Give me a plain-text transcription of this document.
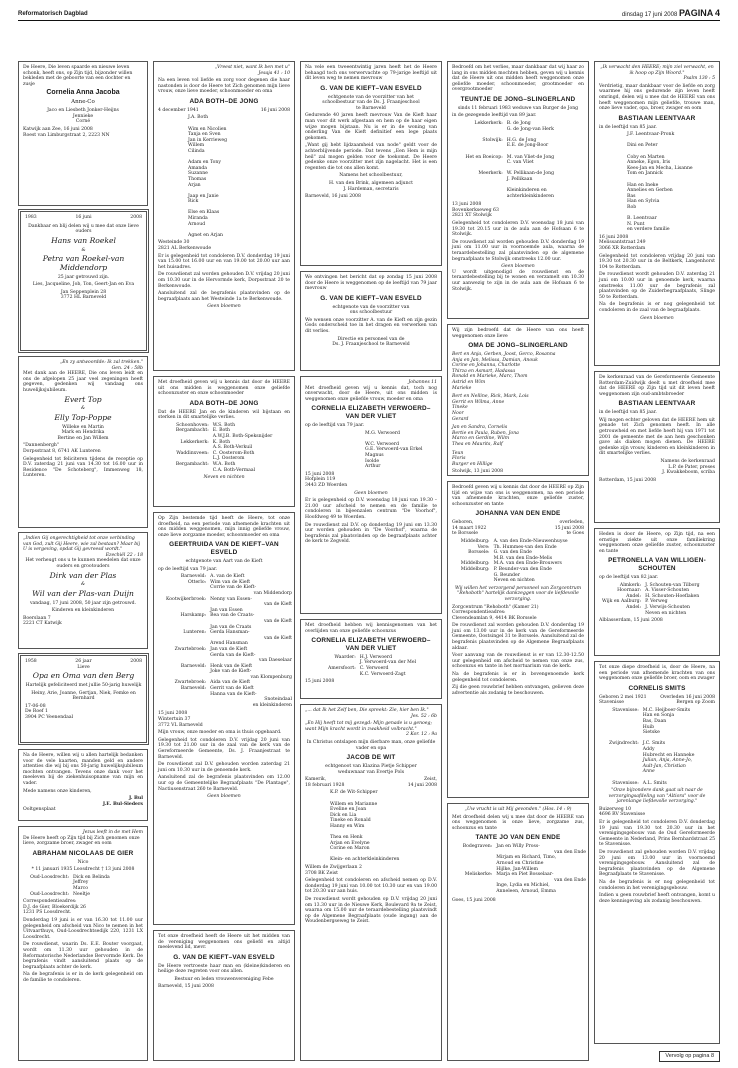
Reformatorisch Dagblad	dinsdag 17 juni 2008 PAGINA 4

De Heere, Die leven spaarde en nieuwe leven schonk, heeft ons, op Zijn tijd, bijzonder willen bekleden met de geboorte van een dochter en zusje

Cornelia Anna Jacoba
Anne-Co
Jaco en Liesbeth Jonker-Heijns
Jennieke
Corné
Katwijk aan Zee, 16 juni 2008
Roest van Limburgstraat 2, 2223 NN
1983	16 juni	2008

Dankbaar en blij delen wij u mee dat onze lieve ouders

Hans van Roekel
&
Petra van Roekel-van Middendorp

25 jaar getrouwd zijn.

Lies, Jacqueline, Job, Ton, Geert-Jan en Eva

Jan Seppenplein 28
3772 HL Barneveld
„En zy antwoordde: Ik zal trekken."
Gen. 24 : 58b

Met dank aan de HEERE, Die ons leven leidt en ons de afgelopen 25 jaar veel zegeningen heeft gegeven, gedenken wij vandaag ons huwelijksjubileum.

Evert Top
&
Elly Top-Poppe
Willeke en Martin
Mark en Hendrika
Bertine en Jan Willem
"Dannenbergh"

Dorpsstraat 8, 6741 AK Lunteren

Gelegenheid tot feliciteren tijdens de receptie op D.V. zaterdag 21 juni van 14.30 tot 16.00 uur in Residence "De Schoteberg", Immenweg 18, Lunteren.

„Indien Gij ongerechtigheid tot onze verbinding van God, zult Gij Heere, wie zal bestaan? Maar bij U is vergeving, opdat Gij gevreesd wordt."
Ezechiël 22 : 18

Het verheugt ons u te kunnen meedelen dat onze ouders en grootouders

Dirk van der Plas
&
Wil van der Plas-van Duijn

vandaag, 17 juni 2008, 50 jaar zijn getrouwd.

Kinderen en kleinkinderen

Boerslaan 7
2221 CT Katwijk
1958	26 jaar	2008
Lieve
Opa en Oma van den Berg

Hartelijk gefeliciteerd met jullie 50-jarig huwelijk

Heiny, Arie, Joanne, Gertjan, Niek, Femke en Bernhard

17-06-08
De Roef 1
3904 PC Veenendaal

Na de Heere, willen wij u allen hartelijk bedanken voor de vele kaarten, manden geld en andere attenties die wij bij ons 50-jarig huwelijksjubileum mochten ontvangen. Tevens onze dank voor het meeleven bij de ziekenhuisopname van mijn en vader.

Mede namens onze kinderen,

J. Bul
J.E. Bul-Sieders
Ooltgensplaat
Jezus leeft in de met Hem

De Heere heeft op Zijn tijd bij Zich genomen onze lieve, zorgzame broer, zwager en oom

ABRAHAM NICOLAAS DE GIER
Nico
* 11 januari 1935 Loosdrecht † 13 juni 2008
Oud-Loosdrecht: Dick en Belinda
Jeffrey
Marco
Oud-Loosdrecht: Neeltje
Correspondentieadres:
D.J. de Gier, Bloekerdijk 26
1231 PS Loosdrecht.

Donderdag 19 juni is er van 16.30 tot 11.00 uur gelegenheid om afscheid van Nico te nemen in het Uitvaarthuys, Oud-Loosdrechtsedijk 220, 1231 LX Loosdrecht.

De rouwdienst, waarin Ds. E.E. Bouter voorgaat, wordt om 11.30 uur gehouden in de Reformatorische Nederlandse Bervormde Kerk. De begrafenis vindt aansluitend plaats op de begraafplaats achter de kerk.

Na de begrafenis is er in de kerk gelegenheid om de familie te condoleren.

„Vreest niet, want Ik ben met u"
Jesaja 41 : 10

Na een leven vol liefde en zorg voor degenen die haar nastonden is door de Heere tot Zich genomen mijn lieve vrouw, onze lieve moeder, schoonmoeder en oma

ADA BOTH–DE JONG
4 december 1941	16 juni 2008
J.A. Both

Wim en Nicolien
Tanja en Sven
Jan in Kerrieweg
Willem
Cilinda

Adam en Tony
Amanda
Suzanne
Thomas
Arjan

Jaap en Janie
Rick

Else en Klaas
Miranda
Arnoud

Agnet en Arjan
Westeinde 30
2821 AL Berkenwoude

Er is gelegenheid tot condoleren D.V. donderdag 19 juni van 15.00 tot 16.00 uur en van 19.00 tot 20.00 uur aan het huisadres.

De rouwdienst zal worden gehouden D.V. vrijdag 20 juni om 10.30 uur in de Hervormde kerk, Dorpsstraat 20 te Berkenwoude.

Aansluitend zal de begrafenis plaatsvinden op de begraafplaats aan het Westeinde 1a te Berkenwoude.

Geen bloemen

Met droefheid geven wij u kennis dat door de HEERE uit ons midden is weggenomen onze geliefde schoonzuster en onze schoonmoeder

ADA BOTH–DE JONG

Dat de HEERE Jan en de kinderen wil bijstaan en sterken in dit smartelijke verlies.

Schoonhoven: W.S. Both
Bergambacht: E. Both
A.W.J.B. Both-Speksnijder
Lekkerkerk: K. Both
A.S. Both-Verkuil
Waddinxveen: C. Oosterom-Both
L.J. Oosterom
Bergambacht: W.A. Both
C.A. Both-Vermaal
Neven en nichten

Op Zijn bestemde tijd heeft de Heere, tot onze droefheid, na een periode van afnemende krachten uit ons midden weggenomen, mijn innig geliefde vrouw, onze lieve zorgzame moeder, schoonmoeder en oma

GEERTRUIDA VAN DE KIEFT–VAN ESVELD
echtgenote van Aart van de Kieft

op de leeftijd van 79 jaar.

Barneveld: A. van de Kieft
Otterlo: Wim van de Kieft
Corrie van de Kieft-
van Middendorp
Kootwijkerbroek: Nenny van Essen-
van de Kieft
Jan van Essen
Harskamp: Bea van de Craats-
van de Kieft
Jan van de Craats
Lunteren: Gerda Hansman-
van de Kieft
Arend Hansman
Zwartebroek: Jan van de Kieft
Gerda van de Kieft-
van Daeselaar
Barneveld: Henk van de Kieft
Joke van de Kieft-
van Klompenburg
Zwartebroek: Aida van de Kieft
Barneveld: Gerrit van de Kieft
Hanna van de Kieft-
Snoteindaal
en kleinkinderen
15 juni 2008
Wintertuin 37
3772 VL Barneveld

Mijn vrouw, onze moeder en oma is thuis opgebaard.

Gelegenheid tot condoleren D.V. vrijdag 20 juni van 19.30 tot 21.00 uur in de zaal van de kerk van de Gereformeerde Gemeente, Ds. J. Fraanjestraat te Barneveld.

De rouwdienst zal D.V. gehouden worden zaterdag 21 juni om 10.30 uur in de genoemde kerk.

Aansluitend zal de begrafenis plaatsvinden om 12.00 uur op de Gemeentelijke Begraafplaats "De Plantage", Nactiusenstraat 260 te Barneveld.

Geen bloemen

Tot onze droefheid heeft de Heere uit het midden van de vereniging weggenomen ons geliefd en altijd meelevend lid, mevr.

G. VAN DE KIEFT–VAN ESVELD

De Heere vertroeste haar man en (kleine)kinderen en heilige deze regreten voor ons allen.

Bestuur en leden vrouwenvereniging Febe

Barneveld, 15 juni 2008

Na vele een tweeentwintig jaren heeft het de Heere behaagd toch ons verwervachte op 79-jarige leeftijd uit dit leven weg te nemen mevrouw

G. VAN DE KIEFT–VAN ESVELD
echtgenote van de voorzitter van het
schoolbestuur van de Ds. J. Fraanjeschool
te Barneveld

Gedurende 40 jaren heeft mevrouw Van de Kieft haar man voor dit werk afgestaan en hem op de haar eigen wijze mogen bijstaan. Nu is er in de woning van onderling Van de Kieft definitief een lege plaats gekomen.

„Want gij hebt lijdzaamheid van node" geldt voor de achterblijvende periode. Dat tevens „Een Hem is mijn heil" zal mogen gelden voor de toekomst. De Heere gedenke onze voorzitter met zijn nagelacht. Het is een regenten die tot ons allen komt.

Namens het schoolbestuur,

H. van den Brink, algemeen adjunct
J. Hardeman, secretaris
Barneveld, 16 juni 2008

We ontvingen het bericht dat op zondag 15 juni 2008 door de Heere is weggenomen op de leeftijd van 79 jaar mevrouw

G. VAN DE KIEFT–VAN ESVELD
echtgenote van de voorzitter van
ons schoolbestuur

We wensen onze voorzitter A. van de Kieft en zijn gezin Gods onderscheid toe in het dragen en verwerken van dit verlies.

Directie en personeel van de
Ds. J. Fraanjeschool te Barneveld
Johannes 11

Met droefheid geven wij u kennis dat, toch nog onverwacht, door de Heere, uit ons midden is weggenomen onze geliefde vrouw, moeder en oma

CORNELIA ELIZABETH VERWOERD–VAN DER VLIET

op de leeftijd van 79 jaar.

M.G. Verwoerd

W.C. Verwoerd
G.E. Verwoerd-van Erkel
Magnus
Isolde
Arthur
15 juni 2008
Hofplein 119
3443 ZD Woerden
Geen bloemen

Er is gelegenheid op D.V. woensdag 18 juni van 19.30 – 21.00 uur afscheid te nemen en de familie te condoleren in bijeenzalen centrum "De Voorhof", Hoofdweg 49 te Woerden.

De rouwdienst zal D.V. op donderdag 19 juni om 13.30 uur worden gehouden in "De Voorhof", waarna de begrafenis zal plaatsvinden op de begraafplaats achter de kerk te Zegveld.

Met droefheid hebben wij kennisgenomen van het overlijden van onze geliefde schoonzus

CORNELIA ELIZABETH VERWOERD–VAN DER VLIET
Waarder: H.J. Verwoerd
J. Verwoerd-van der Mel
Amersfoort: C. Verwoerd
K.C. Verwoerd-Zagt
15 juni 2008
„... dat Ik het Zelf ben, Die spreekt: Zie, hier ben Ik."
Jes. 52 : 6b
„En Hij heeft tot mij gezegd: Mijn genade is u genoeg; want Mijn kracht wordt in zwakheid volbracht."
2 Kor. 12 : 9a

In Christus ontslapen mijn dierbare man, onze geliefde vader en opa

JACOB DE WIT
echtgenoot van Klazina Pietje Schipper
weduwnaar van Evertje Pols
Kamerik,	Zeist,
18 februari 1928	14 juni 2008
K.P. de Wit-Schipper

Willem en Marianne
Eveline en Joan
Dick en Lia
Tineke en Ronald
Hanny en Wim

Thea en Henk
Arjan en Evelyne
Corine en Maron

Klein- en achterkleinkinderen
Willem de Zwijgerlaan 2
3708 BK Zeist

Gelegenheid tot condoleren en afscheid nemen op D.V. donderdag 19 juni van 10.00 tot 10.30 uur en van 19.00 tot 20.30 uur aan huis.

De rouwdienst wordt gehouden op D.V. vrijdag 20 juni om 13.30 uur in de Nieuwe Kerk, Boulevard 9a te Zeist, waarna om 15.00 uur de teraardebestelling plaatsvindt op de Algemene Begraafplaats (oude ingang) aan de Woudenbergseweg te Zeist.

Bedroefd om het verlies, maar dankbaar dat wij haar zo lang in ons midden mochten hebben, geven wij u kennis dat de Heere uit ons midden heeft weggenomen onze geliefde moeder, schoonmoeder, grootmoeder en overgrootmoeder

TEUNTJE DE JONG–SLINGERLAND
sinds 11 februari 1983 weduwe van Burger de Jong

in de gezegende leeftijd van 89 jaar.

Lekkerkerk: B. de Jong
G. de Jong-van Herk

Stolwijk: H.G. de Jong
E.E. de Jong-Boor

Het en Boeicop: M. van Vliet-de Jong
C. van Vliet

Meerkerk: W. Pellikaan-de Jong
J. Pellikaan

Kleinkinderen en
achterkleinkinderen
13 juni 2008
Bovenkerkseweg 63
2821 XT Stolwijk

Gelegenheid tot condoleren D.V. woensdag 18 juni van 19.30 tot 20.15 uur in de aula aan de Hofsaan 6 te Stolwijk.

De rouwdienst zal worden gehouden D.V. donderdag 19 juni om 11.00 uur in voornoemde aula, waarna de teraardebestelling zal plaatsvinden op de algemene begraafplaats te Stolwijk omstreeks 12.00 uur.

Geen bloemen

U wordt uitgenodigd de rouwdienst en de teraardebestelling bij te wonen en verzamelt om 10.30 uur aanwezig te zijn in de aula aan de Hofsaan 6 te Stolwijk.

Wij zijn bedroefd dat de Heere van ons heeft weggenomen onze lieve

OMA DE JONG–SLINGERLAND
Bert en Anja, Gerben, Joost, Gerco, Rosanna
Anja en Jan, Melissa, Damian, Anouk
Corine en Johanna, Charlotte
Thirza en Asmart, Hadassa
Ronald en Marieke, Marc, Thom
Astrid en Wim
Marieke
Bert en Nelline, Rick, Mark, Lois
Gerrit en Wilma, Anne
Tineke
Noor
Gerard
Jan en Sandra, Cornelis
Bertie en Paula, Ruben, Jona
Marco en Gerdine, Wilm
Thea en Maurits, Ralf
Teun
Floris
Burger en Hillige
Stolwijk, 13 juni 2008

Bedroefd geven wij u kennis dat door de HEERE op Zijn tijd en wijze van ons is weggenomen, na een periode van afnemende krachten, onze geliefde zuster, schoonzuster en tante

JOHANNA VAN DEN ENDE
Geboren,	overleden,
14 maart 1922	15 juni 2008
te Borssele	te Goes
Middelburg: A. van den Ende-Nieuwenhuyse
Vere: Th. Hummes-van den Ende
Borssele: G. van den Ende
M.B. van den Ende-Melis
Middelburg: M.A. van den Ende-Brouwers
Middelburg: P. Beunder-van den Ende
G. Beunder
Neven en nichten

Wij willen het verzorgend personeel van Zorgcentrum "Rehoboth" hartelijk dankzeggen voor de liefdevolle verzorging.

Zorgcentrum "Rehoboth" (Kamer 21)
Correspondentieadres:
Clevendeamlan 9, 4414 BK Borssele

De rouwdienst zal worden gehouden D.V. donderdag 19 juni om 13.00 uur in de kerk van de Gereformeerde Gemeente, Oostsingel 31 te Borssele. Aansluitend zal de begrafenis plaatsvinden op de Algemene Begraafplaats aldaar.

Voor aanvang van de rouwdienst is er van 12.30-12.50 uur gelegenheid om afscheid te nemen van onze zus, schoonzus en tante in het mortuarium van de kerk.

Na de begrafenis is er in bovengenoemde kerk gelegenheid tot condoleren.

Zij die geen rouwbrief hebben ontvangen, gelieven deze advertentie als zodanig te beschouwen.

„Uw vrucht is uit Mij gevonden." (Hos. 14 : 9)

Met droefheid delen wij u mee dat door de HEERE van ons weggenomen is onze lieve, zorgzame zus, schoonzus en tante

TANTE JO VAN DEN ENDE
Bodegraven: Jan en Willy Pross-
van den Ende
Mirjam en Richard, Timo,
Arnoud en Christine
Hijlke, Jan-Willem
Meliskerke: Marja en Piet Bosselaar-
van den Ende
Inge, Lydia en Michiel,
Anneleen, Arnoud, Emma
Goes, 15 juni 2008
„Ik verwacht den HEERE; mijn ziel verwacht, en ik hoop op Zijn Woord."
Psalm 130 : 5

Verdrietig, maar dankbaar voor de liefde en zorg waarmee hij ons gedurende zijn leven heeft omringd, delen wij u mee dat de HEERE van ons heeft weggenomen mijn geliefde, trouwe man, onze lieve vader, opa, broer, zwager en oom

BASTIAAN LEENTVAAR

in de leeftijd van 85 jaar.

J.F. Leentvaar-Pronk

Dini en Peter

Coby en Marten
Anneke, Egon, Iris
Kees-Jan en Mecha, Lisanne
Tom en Jannick

Han en Ineke
Annelies en Gerben
Bas
Han en Sylvia
Rob

B. Leentvaar
N. Punt
en verdere familie
16 juni 2008
Melissantstraat 249
3066 XR Rotterdam

Gelegenheid tot condoleren vrijdag 20 juni van 19.30 tot 20.30 uur in de Beltkerk, Langenhorst 104 te Rotterdam.

De rouwdienst wordt gehouden D.V. zaterdag 21 juni om 10.00 uur in genoemde kerk, waarna omstreeks 11.00 uur de begrafenis zal plaatsvinden op de Zuiderbegraafplaats, Slinge 50 te Rotterdam.

Na de begrafenis is er nog gelegenheid tot condoleren in de zaal van de begraafplaats.

Geen bloemen

De kerkenraad van de Gereformeerde Gemeente Rotterdam-Zuidwijk deelt u met droefheid mee dat de HEERE op Zijn tijd uit dit leven heeft weggenomen zijn oud-ambtsbroeder

BASTIAAN LEENTVAAR

in de leeftijd van 85 jaar.

Wij mogen echter geloven dat de HEERE hem uit genade tot Zich genomen heeft. In alle getrouwheid en met liefde heeft hij van 1971 tot 2001 de gemeente met de aan hem geschonken gave als diaken mogen dienen. De HEERE gedenke zijn vrouw, kinderen en kleinkinderen in dit smartelijke verlies.

Namens de kerkenraad
L.P. de Pater, preses
J. Kwakkeboom, scriba
Rotterdam, 15 juni 2008

Heden is door de Heere, op Zijn tijd, na een ernstige ziekte uit onze familiekring weggenomen onze geliefde zuster, schoonzuster en tante

PETRONELLA VAN WILLIGEN-SCHOUTEN

op de leeftijd van 82 jaar.

Almkerk: J. Schouten-van Tilborg
Hoornaar: A. Visser-Schouten
Andel: H. Schouten-Hoeflaken
Wijk en Aalburg: P. Verweg
Andel: J. Verwijs-Schouten
Neven en nichten
Alblasserdam, 15 juni 2008

Tot onze diepe droefheid is, door de Heere, na een periode van afnemende krachten van ons weggenomen onze geliefde broer, oom en zwager

CORNELIS SMITS
Geboren 2 mei 1921	Overleden 16 juni 2008
Stavenisse	Bergen op Zoom
Stavenisse: M.C. Heijboer-Smits
Han en Sonja
Bas, Daan
Huib
Sietske

Zwijndrecht: J.C. Smits
Addy
Hubrecht en Hanneke
Julian, Anja, Anne-Jo,
Ault-Jan, Christian
Anne

Stavenisse: A.L. Smits

"Onze bijzondere dank gaat uit naar de verzorgingsafdeling van "Altiora" voor de jarenlange liefdevolle verzorging."

Buizerweg 10
4696 RV Stavenisse

Er is gelegenheid tot condoleren D.V. donderdag 19 juni van 19.30 tot 20.30 uur in het verenigingsgebouw van de Oud Gereformeerde Gemeente in Nederland, Prins Bernhardstraat 25 te Stavenisse.

De rouwdienst zal gehouden worden D.V. vrijdag 20 juni om 13.00 uur in voornoemd verenigingsgebouw. Aansluitend zal de begrafenis plaatsvinden op de Algemene Begraafplaats te Stavenisse.

Na de begrafenis is er nog gelegenheid tot condoleren in het verenigingsgebouw.

Indien u geen rouwbrief heeft ontvangen, komt u deze kennisgeving als zodanig beschouwen.

Vervolg op pagina 8
